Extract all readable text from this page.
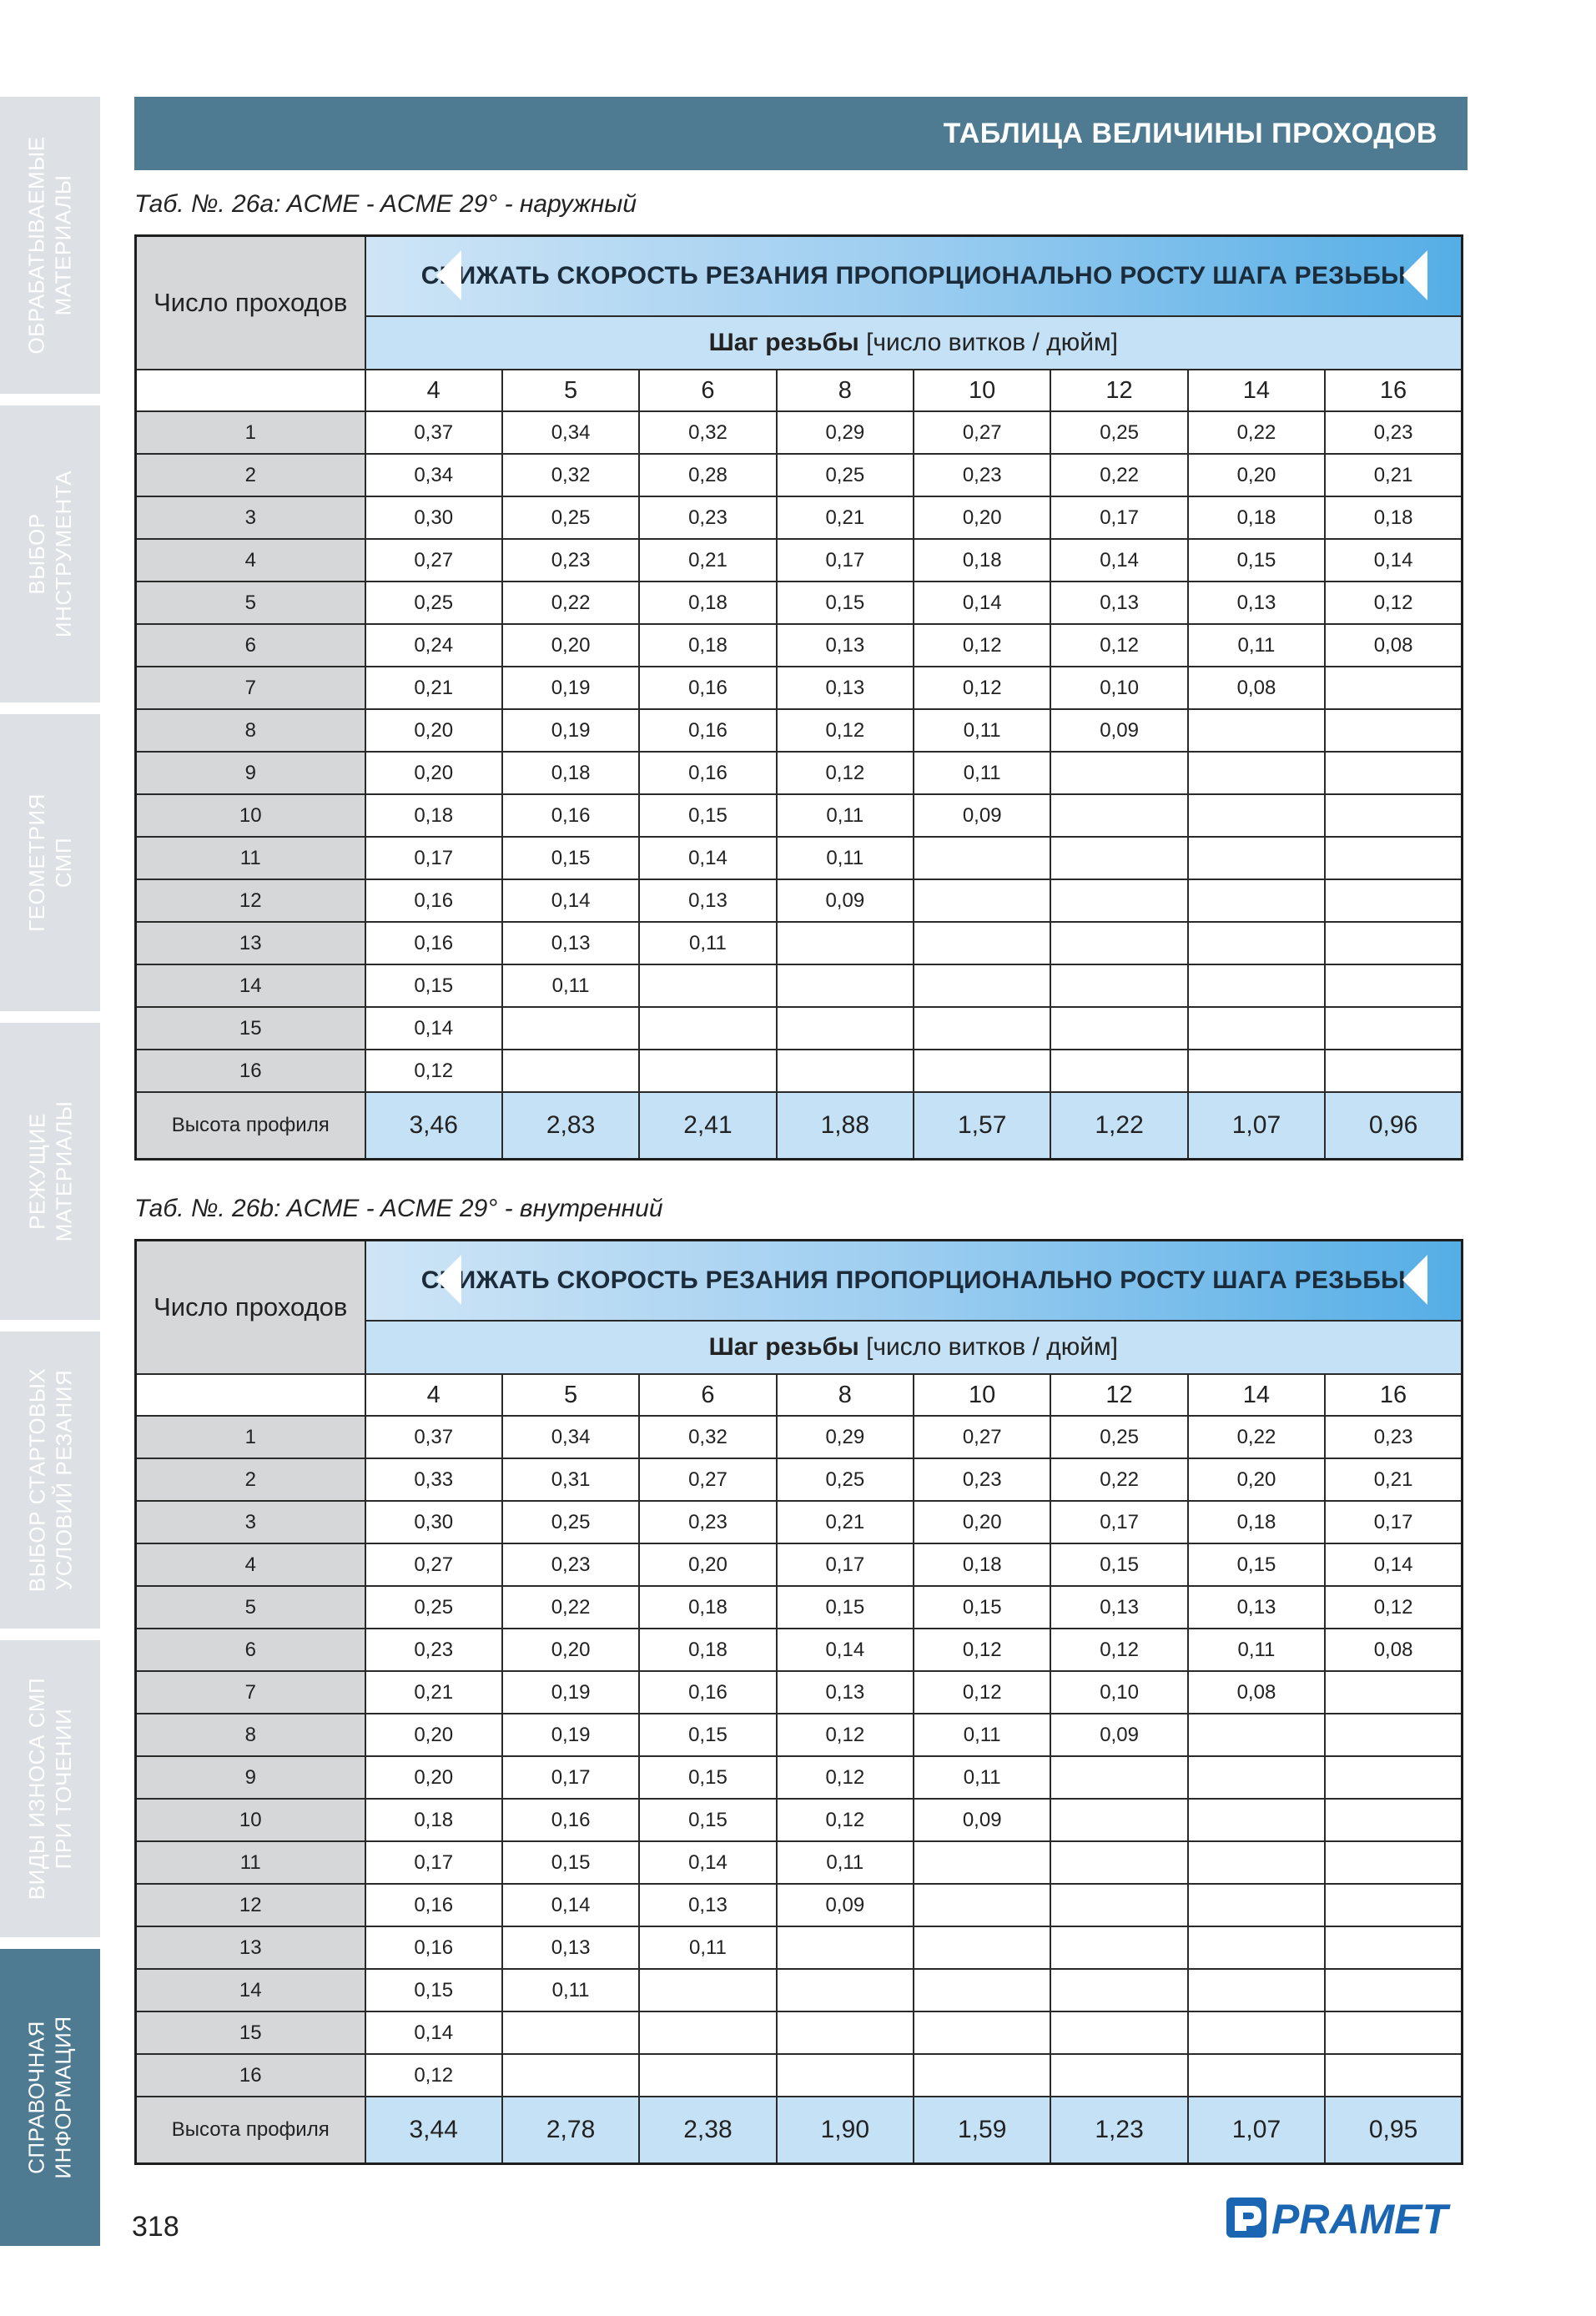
ОБРАБАТЫВАЕМЫЕ
МАТЕРИАЛЫ
ВЫБОР
ИНСТРУМЕНТА
ГЕОМЕТРИЯ
СМП
РЕЖУЩИЕ
МАТЕРИАЛЫ
ВЫБОР СТАРТОВЫХ
УСЛОВИЙ РЕЗАНИЯ
ВИДЫ ИЗНОСА СМП
ПРИ ТОЧЕНИИ
СПРАВОЧНАЯ
ИНФОРМАЦИЯ
ТАБЛИЦА ВЕЛИЧИНЫ ПРОХОДОВ
Таб. №. 26a: ACME - ACME 29° - наружный
Число проходов	СНИЖАТЬ СКОРОСТЬ РЕЗАНИЯ ПРОПОРЦИОНАЛЬНО РОСТУ ШАГА РЕЗЬБЫ							

	Шаг резьбы [число витков / дюйм]							
	4	5	6	8	10	12	14	16
1	0,37	0,34	0,32	0,29	0,27	0,25	0,22	0,23
2	0,34	0,32	0,28	0,25	0,23	0,22	0,20	0,21
3	0,30	0,25	0,23	0,21	0,20	0,17	0,18	0,18
4	0,27	0,23	0,21	0,17	0,18	0,14	0,15	0,14
5	0,25	0,22	0,18	0,15	0,14	0,13	0,13	0,12
6	0,24	0,20	0,18	0,13	0,12	0,12	0,11	0,08
7	0,21	0,19	0,16	0,13	0,12	0,10	0,08	
8	0,20	0,19	0,16	0,12	0,11	0,09		
9	0,20	0,18	0,16	0,12	0,11			
10	0,18	0,16	0,15	0,11	0,09			
11	0,17	0,15	0,14	0,11				
12	0,16	0,14	0,13	0,09				
13	0,16	0,13	0,11					
14	0,15	0,11						
15	0,14							
16	0,12							
Высота профиля	3,46	2,83	2,41	1,88	1,57	1,22	1,07	0,96
Таб. №. 26b: ACME - ACME 29° - внутренний
Число проходов	СНИЖАТЬ СКОРОСТЬ РЕЗАНИЯ ПРОПОРЦИОНАЛЬНО РОСТУ ШАГА РЕЗЬБЫ							

	Шаг резьбы [число витков / дюйм]							
	4	5	6	8	10	12	14	16
1	0,37	0,34	0,32	0,29	0,27	0,25	0,22	0,23
2	0,33	0,31	0,27	0,25	0,23	0,22	0,20	0,21
3	0,30	0,25	0,23	0,21	0,20	0,17	0,18	0,17
4	0,27	0,23	0,20	0,17	0,18	0,15	0,15	0,14
5	0,25	0,22	0,18	0,15	0,15	0,13	0,13	0,12
6	0,23	0,20	0,18	0,14	0,12	0,12	0,11	0,08
7	0,21	0,19	0,16	0,13	0,12	0,10	0,08	
8	0,20	0,19	0,15	0,12	0,11	0,09		
9	0,20	0,17	0,15	0,12	0,11			
10	0,18	0,16	0,15	0,12	0,09			
11	0,17	0,15	0,14	0,11				
12	0,16	0,14	0,13	0,09				
13	0,16	0,13	0,11					
14	0,15	0,11						
15	0,14							
16	0,12							
Высота профиля	3,44	2,78	2,38	1,90	1,59	1,23	1,07	0,95
318	PRAMET
